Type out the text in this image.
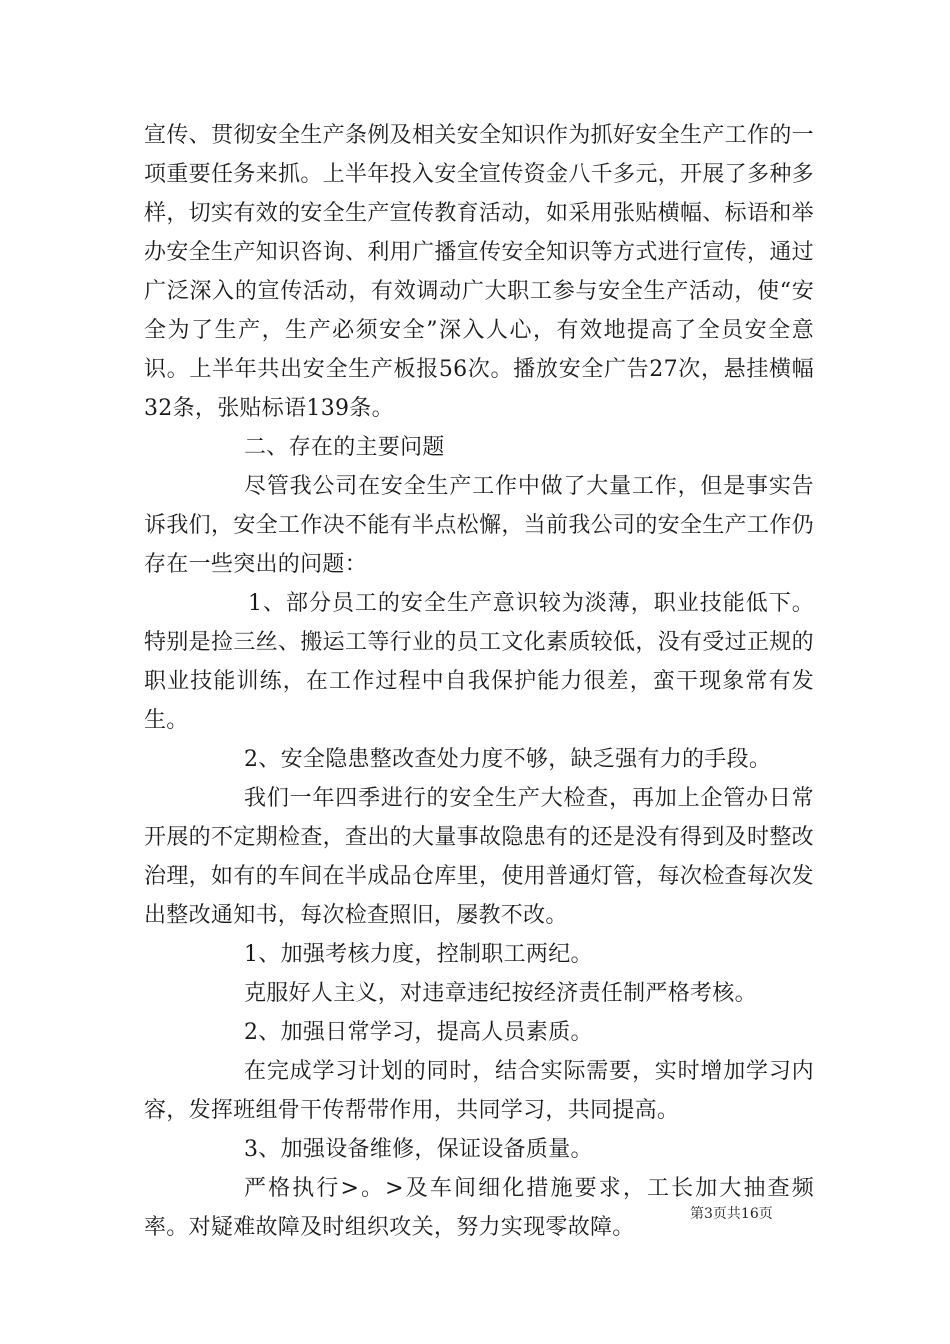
宣传、贯彻安全生产条例及相关安全知识作为抓好安全生产工作的一项重要任务来抓。上半年投入安全宣传资金八千多元，开展了多种多样，切实有效的安全生产宣传教育活动，如采用张贴横幅、标语和举办安全生产知识咨询、利用广播宣传安全知识等方式进行宣传，通过广泛深入的宣传活动，有效调动广大职工参与安全生产活动，使“安全为了生产，生产必须安全”深入人心，有效地提高了全员安全意识。上半年共出安全生产板报56次。播放安全广告27次，悬挂横幅32条，张贴标语139条。

二、存在的主要问题

尽管我公司在安全生产工作中做了大量工作，但是事实告诉我们，安全工作决不能有半点松懈，当前我公司的安全生产工作仍存在一些突出的问题：

1、部分员工的安全生产意识较为淡薄，职业技能低下。特别是捡三丝、搬运工等行业的员工文化素质较低，没有受过正规的职业技能训练，在工作过程中自我保护能力很差，蛮干现象常有发生。

2、安全隐患整改查处力度不够，缺乏强有力的手段。

我们一年四季进行的安全生产大检查，再加上企管办日常开展的不定期检查，查出的大量事故隐患有的还是没有得到及时整改治理，如有的车间在半成品仓库里，使用普通灯管，每次检查每次发出整改通知书，每次检查照旧，屡教不改。

1、加强考核力度，控制职工两纪。

克服好人主义，对违章违纪按经济责任制严格考核。

2、加强日常学习，提高人员素质。

在完成学习计划的同时，结合实际需要，实时增加学习内容，发挥班组骨干传帮带作用，共同学习，共同提高。

3、加强设备维修，保证设备质量。

严格执行>。>及车间细化措施要求，工长加大抽查频率。对疑难故障及时组织攻关，努力实现零故障。

第3页共16页
